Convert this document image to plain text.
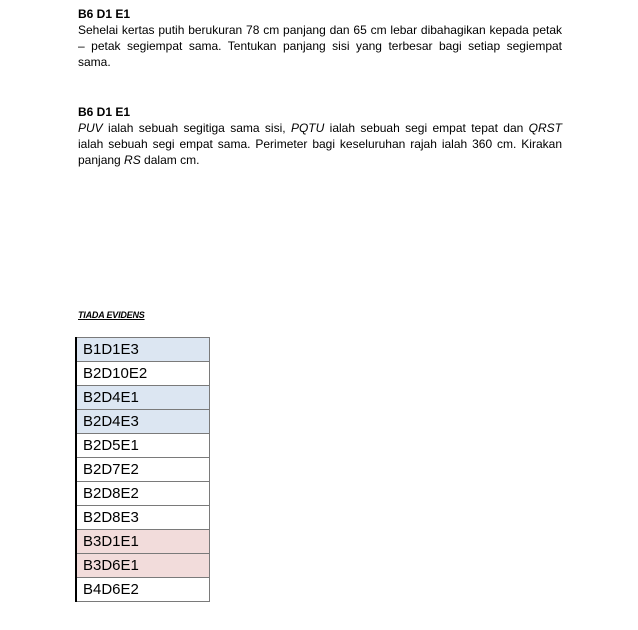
B6 D1 E1
Sehelai kertas putih berukuran 78 cm panjang dan 65 cm lebar dibahagikan kepada petak – petak segiempat sama. Tentukan panjang sisi yang terbesar bagi setiap segiempat sama.
B6 D1 E1
PUV ialah sebuah segitiga sama sisi, PQTU ialah sebuah segi empat tepat dan QRST ialah sebuah segi empat sama. Perimeter bagi keseluruhan rajah ialah 360 cm. Kirakan panjang RS dalam cm.
TIADA EVIDENS
B1D1E3
B2D10E2
B2D4E1
B2D4E3
B2D5E1
B2D7E2
B2D8E2
B2D8E3
B3D1E1
B3D6E1
B4D6E2
